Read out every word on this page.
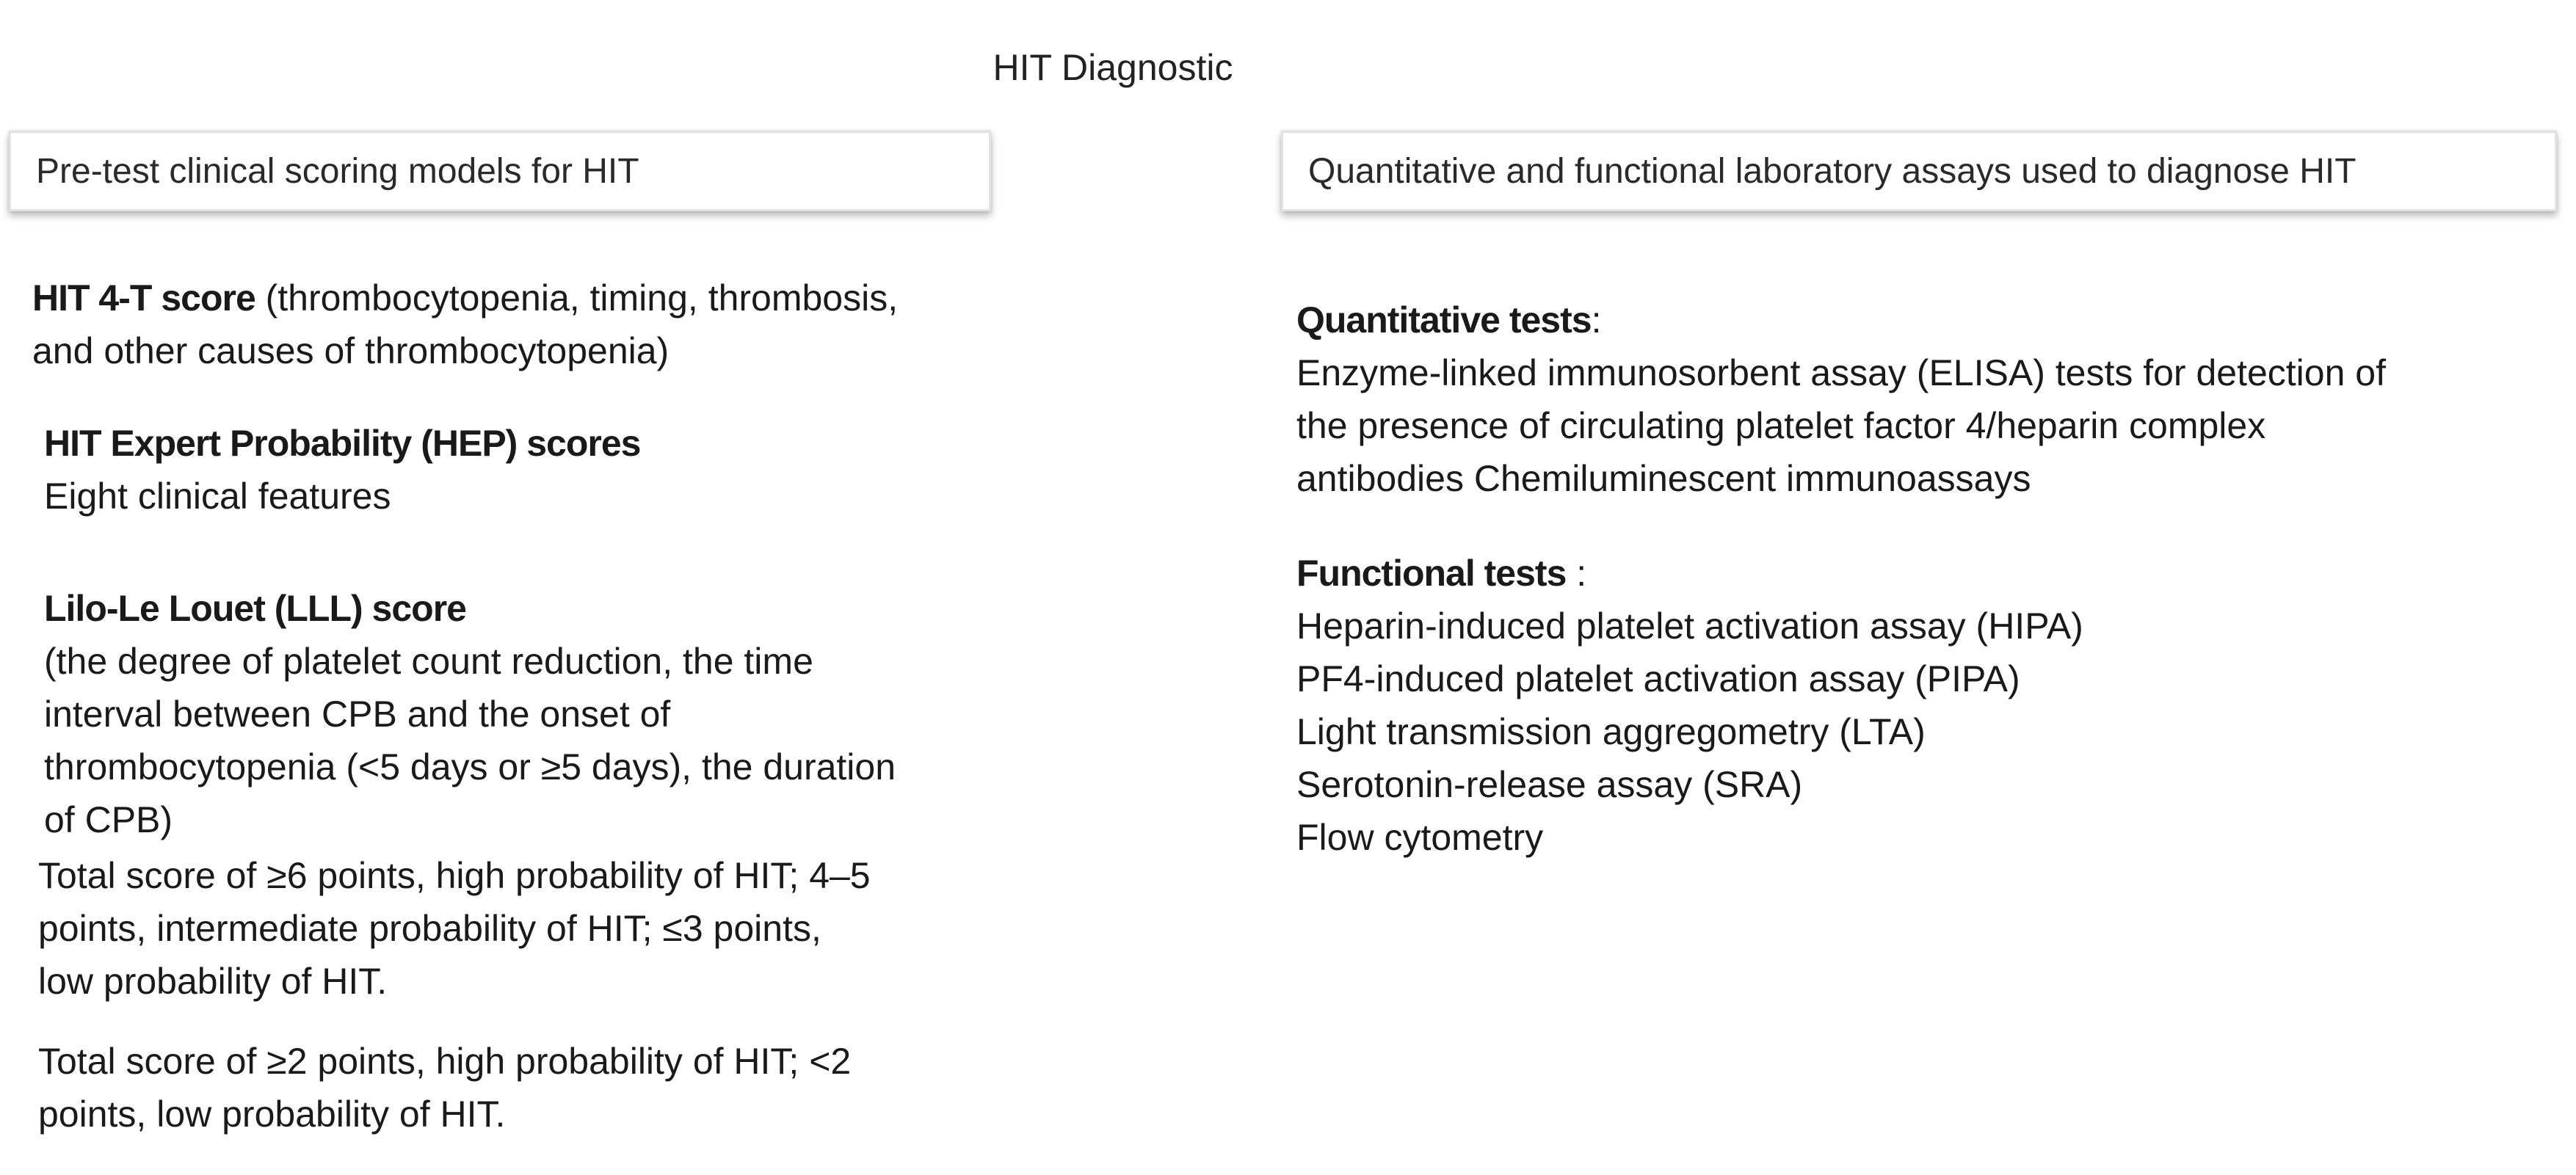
HIT Diagnostic
Pre-test clinical scoring models for HIT	Quantitative and functional laboratory assays used to diagnose HIT

HIT 4-T score (thrombocytopenia, timing, thrombosis,
and other causes of thrombocytopenia)

HIT Expert Probability (HEP) scores

Eight clinical features

Lilo-Le Louet (LLL) score

(the degree of platelet count reduction, the time
interval between CPB and the onset of
thrombocytopenia (<5 days or ≥5 days), the duration
of CPB)

Total score of ≥6 points, high probability of HIT; 4–5
points, intermediate probability of HIT; ≤3 points,
low probability of HIT.

Total score of ≥2 points, high probability of HIT; <2
points, low probability of HIT.

Quantitative tests:

Enzyme-linked immunosorbent assay (ELISA) tests for detection of
the presence of circulating platelet factor 4/heparin complex
antibodies Chemiluminescent immunoassays

Functional tests :

Heparin-induced platelet activation assay (HIPA)

PF4-induced platelet activation assay (PIPA)

Light transmission aggregometry (LTA)

Serotonin-release assay (SRA)

Flow cytometry
